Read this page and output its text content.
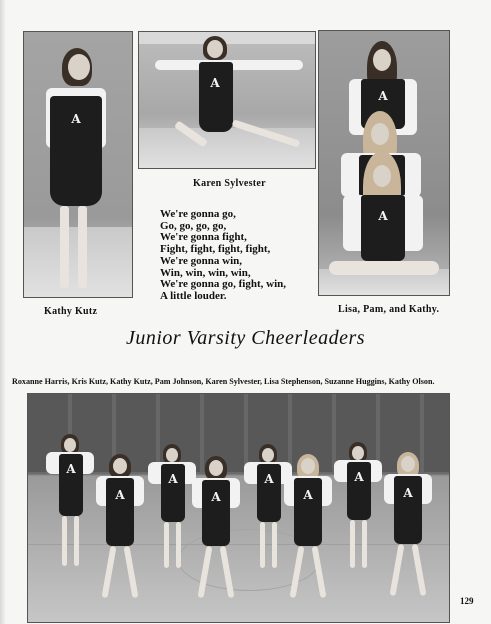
A
A
A
A
Kathy Kutz
Karen Sylvester
Lisa, Pam, and Kathy.
We're gonna go,
Go, go, go, go,
We're gonna fight,
Fight, fight, fight, fight,
We're gonna win,
Win, win, win, win,
We're gonna go, fight, win,
A little louder.
Junior Varsity Cheerleaders
Roxanne Harris, Kris Kutz, Kathy Kutz, Pam Johnson, Karen Sylvester, Lisa Stephenson, Suzanne Huggins, Kathy Olson.
A
A	A	A
A	A	A	A
129
